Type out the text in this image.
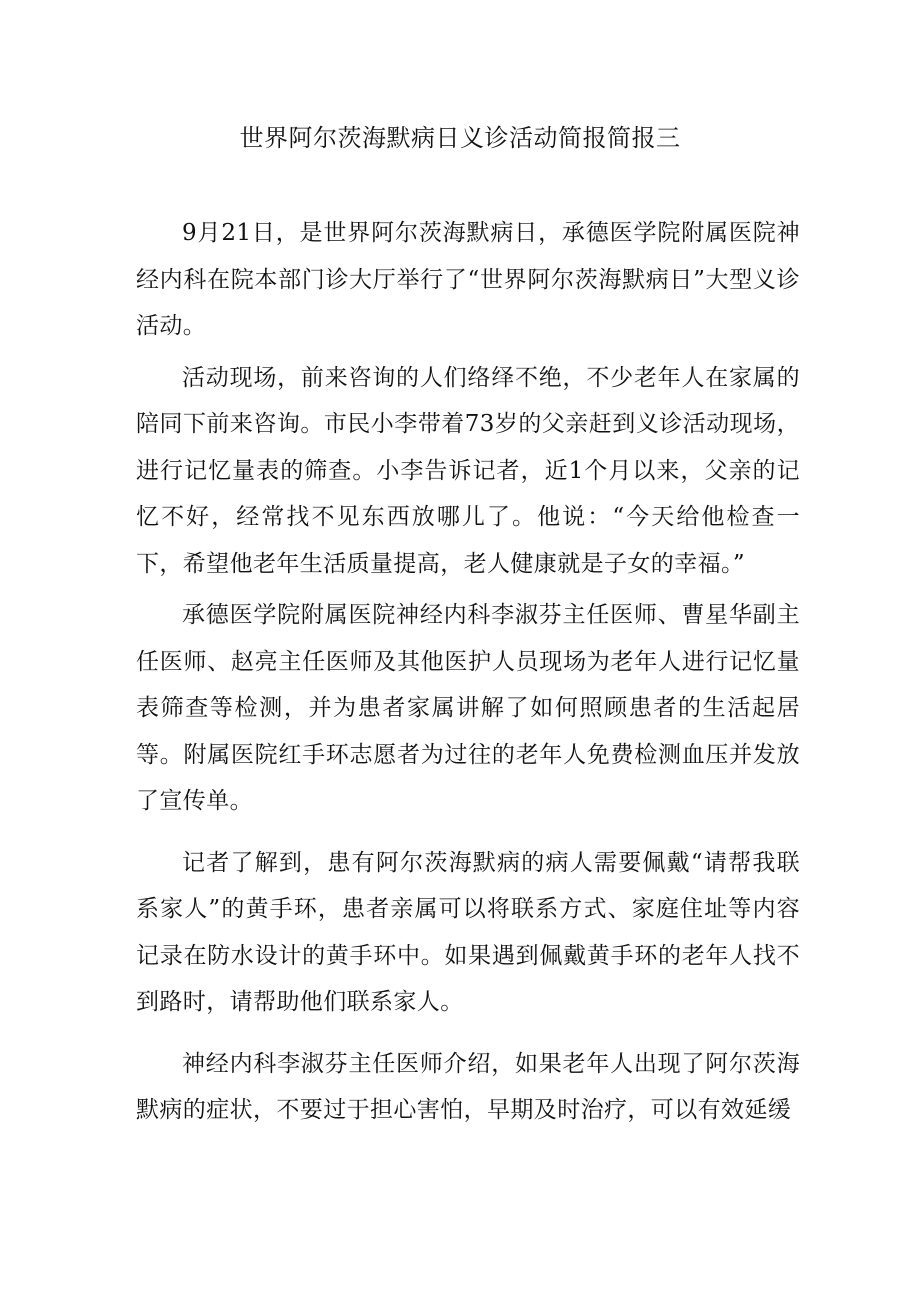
世界阿尔茨海默病日义诊活动简报简报三

9月21日，是世界阿尔茨海默病日，承德医学院附属医院神经内科在院本部门诊大厅举行了“世界阿尔茨海默病日”大型义诊活动。

活动现场，前来咨询的人们络绎不绝，不少老年人在家属的陪同下前来咨询。市民小李带着73岁的父亲赶到义诊活动现场，进行记忆量表的筛查。小李告诉记者，近1个月以来，父亲的记忆不好，经常找不见东西放哪儿了。他说：“今天给他检查一下，希望他老年生活质量提高，老人健康就是子女的幸福。”

承德医学院附属医院神经内科李淑芬主任医师、曹星华副主任医师、赵亮主任医师及其他医护人员现场为老年人进行记忆量表筛查等检测，并为患者家属讲解了如何照顾患者的生活起居等。附属医院红手环志愿者为过往的老年人免费检测血压并发放了宣传单。

记者了解到，患有阿尔茨海默病的病人需要佩戴“请帮我联系家人”的黄手环，患者亲属可以将联系方式、家庭住址等内容记录在防水设计的黄手环中。如果遇到佩戴黄手环的老年人找不到路时，请帮助他们联系家人。

神经内科李淑芬主任医师介绍，如果老年人出现了阿尔茨海默病的症状，不要过于担心害怕，早期及时治疗，可以有效延缓
